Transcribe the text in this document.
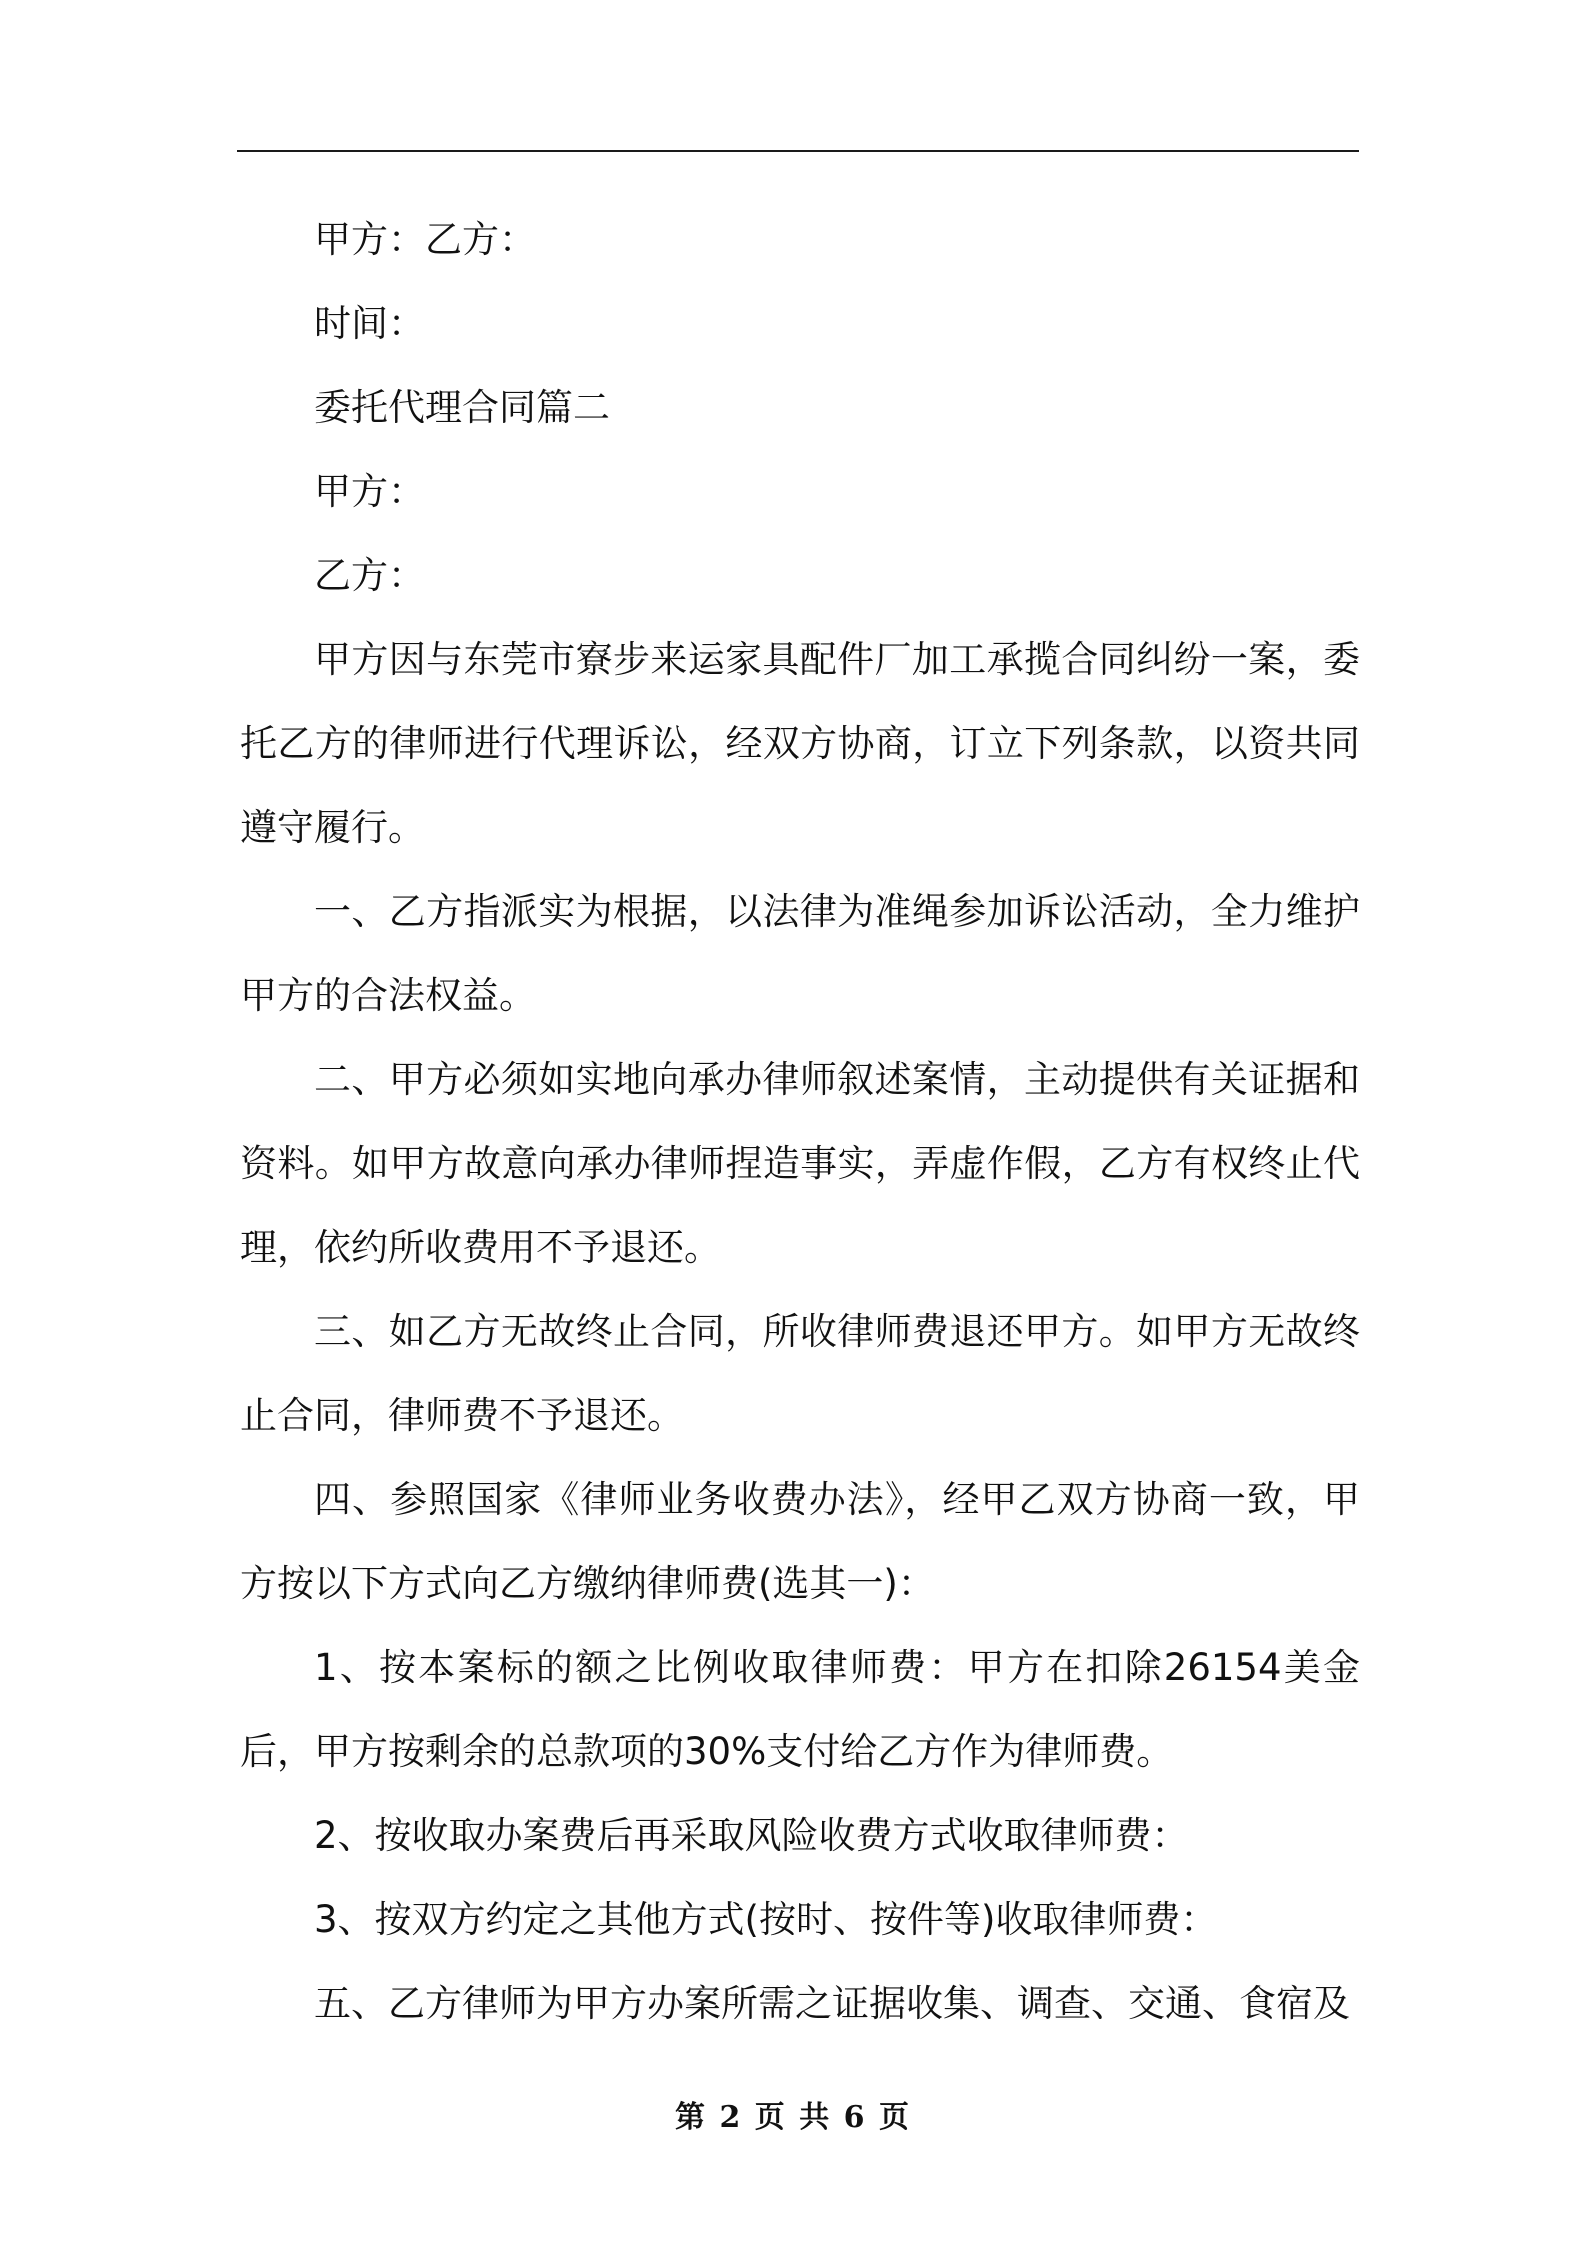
甲方：乙方：

时间：

委托代理合同篇二

甲方：

乙方：

甲方因与东莞市寮步来运家具配件厂加工承揽合同纠纷一案，委托乙方的律师进行代理诉讼，经双方协商，订立下列条款，以资共同遵守履行。

一、乙方指派实为根据，以法律为准绳参加诉讼活动，全力维护甲方的合法权益。

二、甲方必须如实地向承办律师叙述案情，主动提供有关证据和资料。如甲方故意向承办律师捏造事实，弄虚作假，乙方有权终止代理，依约所收费用不予退还。

三、如乙方无故终止合同，所收律师费退还甲方。如甲方无故终止合同，律师费不予退还。

四、参照国家《律师业务收费办法》，经甲乙双方协商一致，甲方按以下方式向乙方缴纳律师费(选其一)：

1、按本案标的额之比例收取律师费：甲方在扣除26154美金后，甲方按剩余的总款项的30%支付给乙方作为律师费。

2、按收取办案费后再采取风险收费方式收取律师费：

3、按双方约定之其他方式(按时、按件等)收取律师费：

五、乙方律师为甲方办案所需之证据收集、调查、交通、食宿及

第 2 页 共 6 页
